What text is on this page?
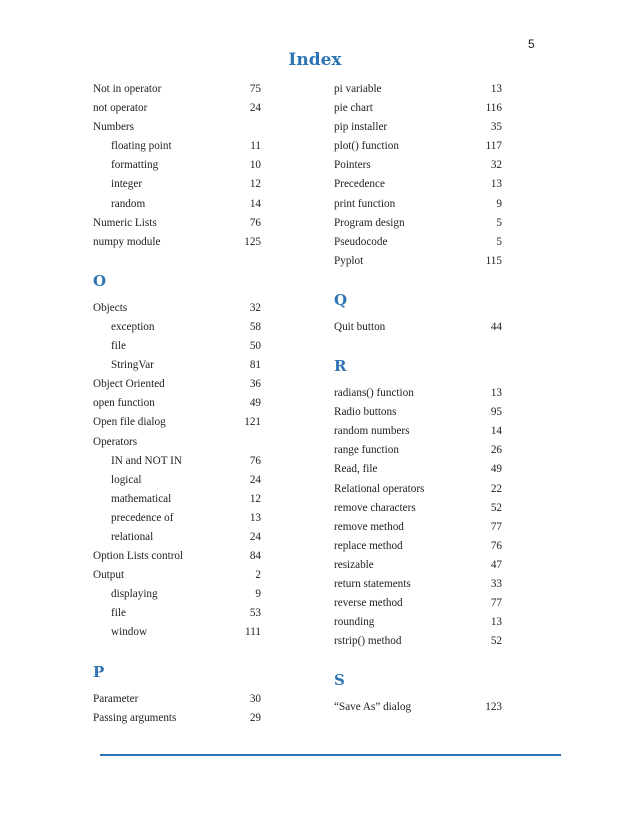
5
Index
Not in operator	75
not operator	24
Numbers
floating point	11
formatting	10
integer	12
random	14
Numeric Lists	76
numpy module	125
O
Objects	32
exception	58
file	50
StringVar	81
Object Oriented	36
open function	49
Open file dialog	121
Operators
IN and NOT IN	76
logical	24
mathematical	12
precedence of	13
relational	24
Option Lists control	84
Output	2
displaying	9
file	53
window	111
P
Parameter	30
Passing arguments	29
pi variable	13
pie chart	116
pip installer	35
plot() function	117
Pointers	32
Precedence	13
print function	9
Program design	5
Pseudocode	5
Pyplot	115
Q
Quit button	44
R
radians() function	13
Radio buttons	95
random numbers	14
range function	26
Read, file	49
Relational operators	22
remove characters	52
remove method	77
replace method	76
resizable	47
return statements	33
reverse method	77
rounding	13
rstrip() method	52
S
“Save As” dialog	123
